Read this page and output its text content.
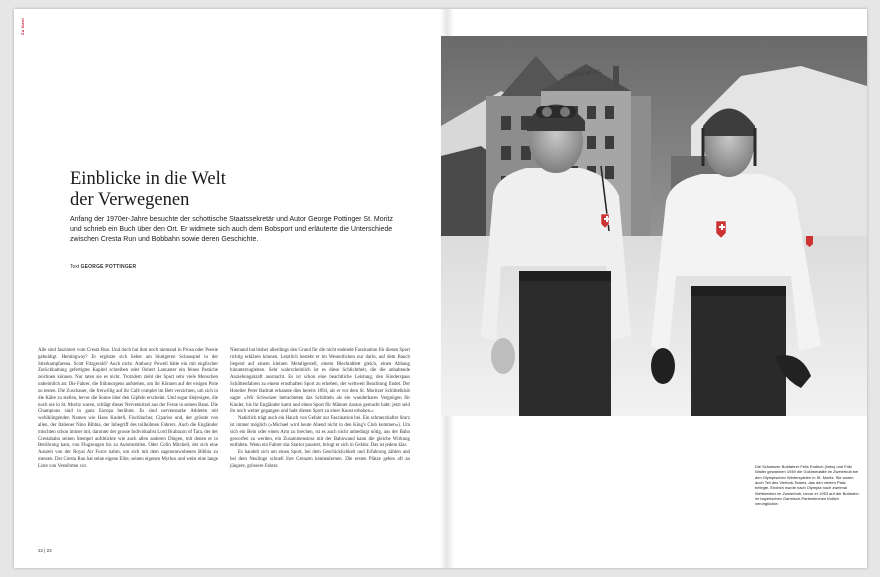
Zu Gast
Einblicke in die Welt
der Verwegenen
Anfang der 1970er-Jahre besuchte der schottische Staatssekretär und Autor George Pottinger St. Moritz und schrieb ein Buch über den Ort. Er widmete sich auch dem Bobsport und erläuterte die Unterschiede zwischen Cresta Run und Bobbahn sowie deren Geschichte.
Text GEORGE POTTINGER

Alle sind fasziniert vom Cresta Run. Und doch hat ihm noch niemand in Prosa oder Poesie gehuldigt. Hemingway? Er ergötzte sich lieber am blutigeren Schauspiel in der Stierkampfarena. Scott Fitzgerald? Auch nicht. Anthony Powell hätte ein mit englischer Zurückhaltung gefertigtes Kapitel schreiben oder Osbert Lancaster ein feines Pastiche zeichnen können. Nur taten sie es nicht. Trotzdem zieht der Sport sehr viele Menschen unheimlich an: Die Fahrer, die frühmorgens aufstehen, um ihr Können auf der eisigen Piste zu testen. Die Zuschauer, die freiwillig auf ihr Café complet im Bett verzichten, um sich in die Kälte zu stellen, bevor die Sonne über den Gipfeln erscheint. Und sogar diejenigen, die noch nie in St. Moritz waren, schlägt dieser Nervenkitzel aus der Ferne in seinen Bann. Die Champions sind in ganz Europa berühmt. Es sind nervenstarke Athleten mit wohlklingenden Namen wie Hans Kuderli, Fischbacher, Cipariso und, der grösste von allen, der Italiener Nino Bibbia, der Inbegriff des tollkühnen Fahrers. Auch die Engländer mischten schon immer mit, darunter der grosse Individualist Lord Brabazon of Tara, der der Crestabahn seinen Stempel aufdrückte wie auch allen anderen Dingen, mit denen er in Berührung kam, von Flugzeugen bis zu Automobilen. Oder Colin Mitchell, der sich eine Auszeit von der Royal Air Force nahm, um sich mit dem sagenumwobenen Bibbia zu messen. Der Cresta Run hat seine eigene Elite, seinen eigenen Mythos und weist eine lange Liste von Verséhrten vor.

Niemand hat bisher allerdings den Grund für die nicht endende Faszination für diesen Sport richtig erklären können. Letztlich besteht er im Wesentlichen nur darin, auf dem Bauch liegend auf einem kleinen Metallgestell, einem Blechtablett gleich, einen Abhang hinunterzugleiten. Sehr wahrscheinlich ist es diese Schlichtheit, die die anhaltende Anziehungskraft ausmacht. Es ist schon eine beachtliche Leistung, den Kinderspass Schlittenfahren zu einem ernsthaften Sport zu erheben, der weltweit Beachtung findet. Der Hotelier Peter Badrutt erkannte dies bereits 1894, als er vor dem St. Moritzer Schlittelklub sagte: «Wir Schweizer betrachteten das Schlitteln als ein wunderbares Vergnügen für Kinder, bis ihr Engländer kamt und einen Sport für Männer daraus gemacht habt; jetzt seid ihr noch weiter gegangen und habt diesen Sport zu einer Kunst erhoben.»

Natürlich trägt auch ein Hauch von Gefahr zur Faszination bei. Ein schmerzhafter Sturz ist immer möglich («Michael wird heute Abend nicht in den King's Club kommen»). Um sich ein Bein oder einen Arm zu brechen, ist es auch nicht unbedingt nötig, aus der Bahn geworfen zu werden, ein Zusammenstoss mit der Bahnwand kann die gleiche Wirkung entfalten. Wenn ein Fahrer das Startor passiert, bringt er sich in Gefahr. Das ist jedem klar.

Es handelt sich um einen Sport, bei dem Geschicklichkeit und Erfahrung zählen und bei dem Neulinge schnell ihre Grenzen kennenlernen. Die ersten Plätze gehen oft an jüngere, grössere Fahrer.

22 | 23
CRISTAL HOTEL
Die Schweizer Bobfahrer Felix Endrich (links) und Fritz Waller gewannen 1949 die Goldmedaille im Zweierbob bei den Olympischen Winterspielen in St. Moritz. Sie waren auch Teil des Vierbob-Teams, das den vierten Platz belegte. Endrich wurde nach Olympia noch zweimal Weltmeister im Zweierbob, bevor er 1953 auf der Bobbahn im bayerischen Garmisch-Partenkirchen tödlich verunglückte.
